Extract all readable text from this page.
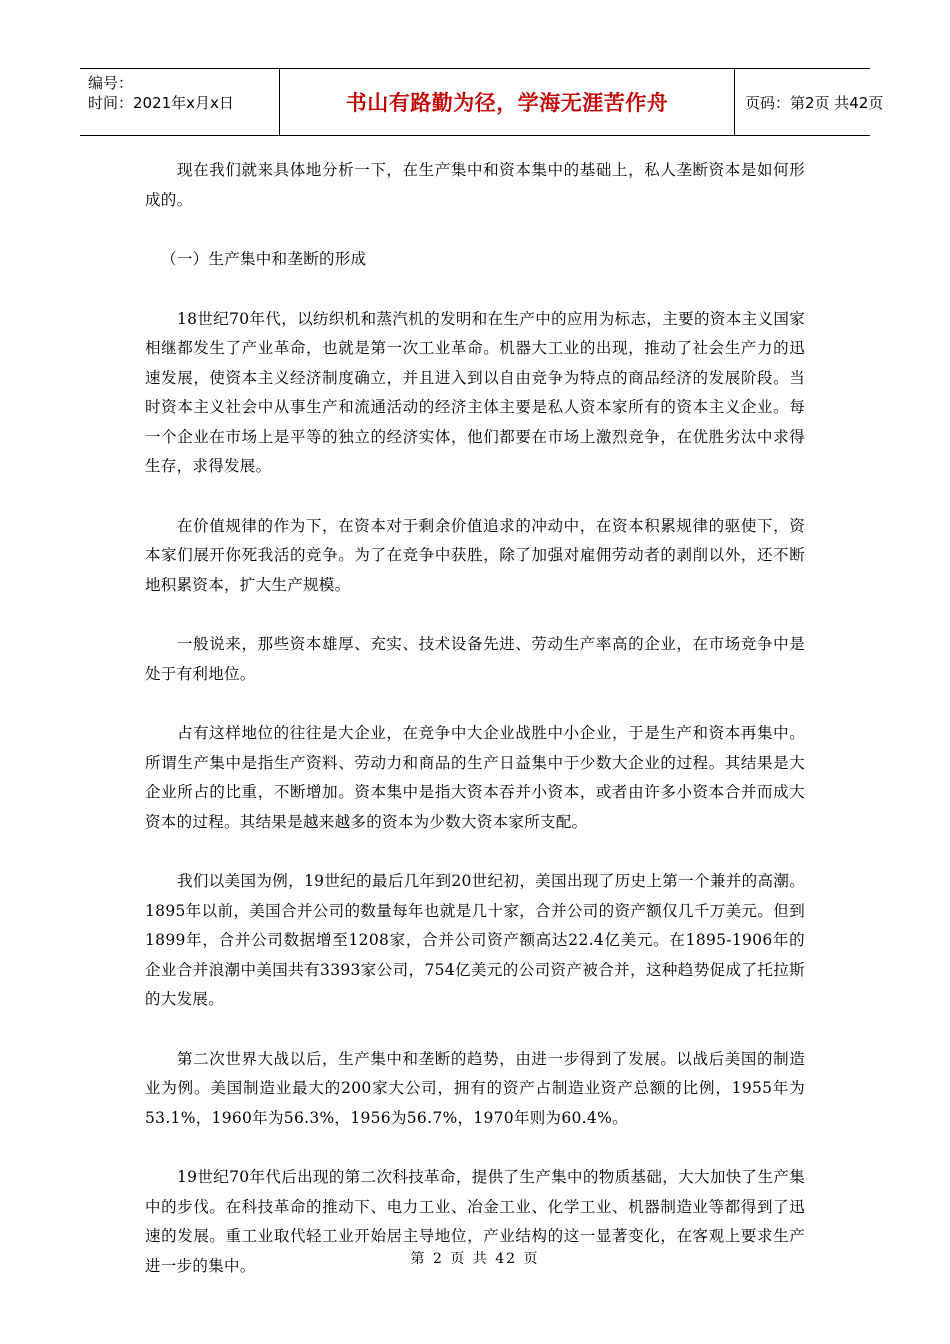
编号：
时间：2021年x月x日	书山有路勤为径，学海无涯苦作舟	页码：第2页 共42页

现在我们就来具体地分析一下，在生产集中和资本集中的基础上，私人垄断资本是如何形成的。

（一）生产集中和垄断的形成

18世纪70年代，以纺织机和蒸汽机的发明和在生产中的应用为标志，主要的资本主义国家相继都发生了产业革命，也就是第一次工业革命。机器大工业的出现，推动了社会生产力的迅速发展，使资本主义经济制度确立，并且进入到以自由竞争为特点的商品经济的发展阶段。当时资本主义社会中从事生产和流通活动的经济主体主要是私人资本家所有的资本主义企业。每一个企业在市场上是平等的独立的经济实体，他们都要在市场上激烈竞争，在优胜劣汰中求得生存，求得发展。

在价值规律的作为下，在资本对于剩余价值追求的冲动中，在资本积累规律的驱使下，资本家们展开你死我活的竞争。为了在竞争中获胜，除了加强对雇佣劳动者的剥削以外，还不断地积累资本，扩大生产规模。

一般说来，那些资本雄厚、充实、技术设备先进、劳动生产率高的企业，在市场竞争中是处于有利地位。

占有这样地位的往往是大企业，在竞争中大企业战胜中小企业，于是生产和资本再集中。所谓生产集中是指生产资料、劳动力和商品的生产日益集中于少数大企业的过程。其结果是大企业所占的比重，不断增加。资本集中是指大资本吞并小资本，或者由许多小资本合并而成大资本的过程。其结果是越来越多的资本为少数大资本家所支配。

我们以美国为例，19世纪的最后几年到20世纪初，美国出现了历史上第一个兼并的高潮。1895年以前，美国合并公司的数量每年也就是几十家，合并公司的资产额仅几千万美元。但到1899年，合并公司数据增至1208家，合并公司资产额高达22.4亿美元。在1895-1906年的企业合并浪潮中美国共有3393家公司，754亿美元的公司资产被合并，这种趋势促成了托拉斯的大发展。

第二次世界大战以后，生产集中和垄断的趋势，由进一步得到了发展。以战后美国的制造业为例。美国制造业最大的200家大公司，拥有的资产占制造业资产总额的比例，1955年为53.1%，1960年为56.3%，1956为56.7%，1970年则为60.4%。

19世纪70年代后出现的第二次科技革命，提供了生产集中的物质基础，大大加快了生产集中的步伐。在科技革命的推动下、电力工业、冶金工业、化学工业、机器制造业等都得到了迅速的发展。重工业取代轻工业开始居主导地位，产业结构的这一显著变化，在客观上要求生产进一步的集中。	第 2 页 共 42 页
